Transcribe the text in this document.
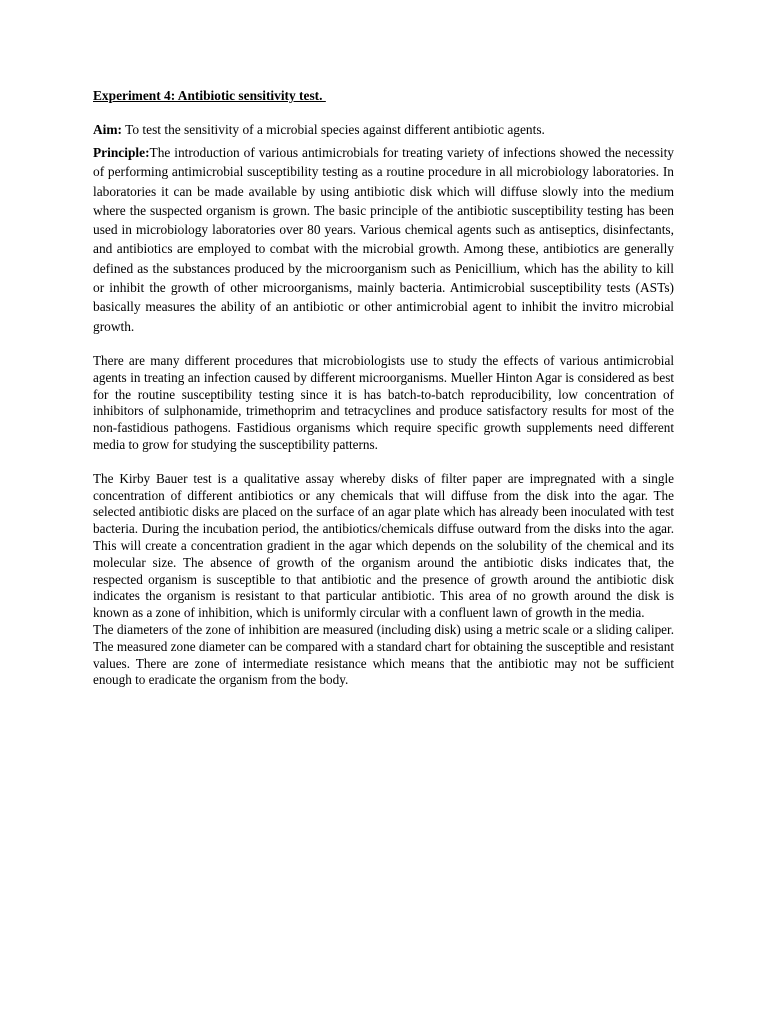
Experiment 4: Antibiotic sensitivity test.

Aim: To test the sensitivity of a microbial species against different antibiotic agents.

Principle:The introduction of various antimicrobials for treating variety of infections showed the necessity of performing antimicrobial susceptibility testing as a routine procedure in all microbiology laboratories. In laboratories it can be made available by using antibiotic disk which will diffuse slowly into the medium where the suspected organism is grown. The basic principle of the antibiotic susceptibility testing has been used in microbiology laboratories over 80 years. Various chemical agents such as antiseptics, disinfectants, and antibiotics are employed to combat with the microbial growth. Among these, antibiotics are generally defined as the substances produced by the microorganism such as Penicillium, which has the ability to kill or inhibit the growth of other microorganisms, mainly bacteria. Antimicrobial susceptibility tests (ASTs) basically measures the ability of an antibiotic or other antimicrobial agent to inhibit the invitro microbial growth.

There are many different procedures that microbiologists use to study the effects of various antimicrobial agents in treating an infection caused by different microorganisms. Mueller Hinton Agar is considered as best for the routine susceptibility testing since it is has batch-to-batch reproducibility, low concentration of inhibitors of sulphonamide, trimethoprim and tetracyclines and produce satisfactory results for most of the non-fastidious pathogens. Fastidious organisms which require specific growth supplements need different media to grow for studying the susceptibility patterns.

The Kirby Bauer test is a qualitative assay whereby disks of filter paper are impregnated with a single concentration of different antibiotics or any chemicals that will diffuse from the disk into the agar. The selected antibiotic disks are placed on the surface of an agar plate which has already been inoculated with test bacteria. During the incubation period, the antibiotics/chemicals diffuse outward from the disks into the agar. This will create a concentration gradient in the agar which depends on the solubility of the chemical and its molecular size. The absence of growth of the organism around the antibiotic disks indicates that, the respected organism is susceptible to that antibiotic and the presence of growth around the antibiotic disk indicates the organism is resistant to that particular antibiotic. This area of no growth around the disk is known as a zone of inhibition, which is uniformly circular with a confluent lawn of growth in the media.

The diameters of the zone of inhibition are measured (including disk) using a metric scale or a sliding caliper. The measured zone diameter can be compared with a standard chart for obtaining the susceptible and resistant values. There are zone of intermediate resistance which means that the antibiotic may not be sufficient enough to eradicate the organism from the body.
